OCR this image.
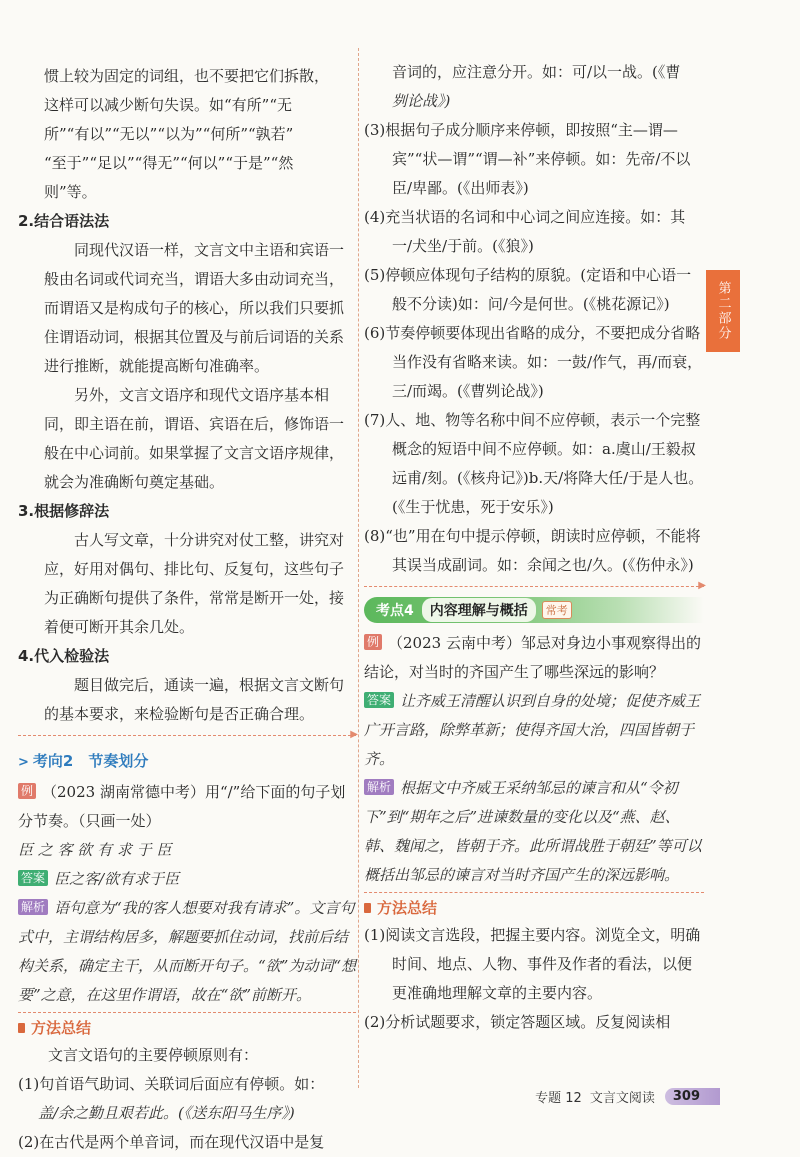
惯上较为固定的词组，也不要把它们拆散，

这样可以减少断句失误。如“有所”“无

所”“有以”“无以”“以为”“何所”“孰若”

“至于”“足以”“得无”“何以”“于是”“然

则”等。

2.结合语法法

同现代汉语一样，文言文中主语和宾语一般由名词或代词充当，谓语大多由动词充当，而谓语又是构成句子的核心，所以我们只要抓住谓语动词，根据其位置及与前后词语的关系进行推断，就能提高断句准确率。

另外，文言文语序和现代文语序基本相同，即主语在前，谓语、宾语在后，修饰语一般在中心词前。如果掌握了文言文语序规律，就会为准确断句奠定基础。

3.根据修辞法

古人写文章，十分讲究对仗工整，讲究对应，好用对偶句、排比句、反复句，这些句子为正确断句提供了条件，常常是断开一处，接着便可断开其余几处。

4.代入检验法

题目做完后，通读一遍，根据文言文断句的基本要求，来检验断句是否正确合理。

▶

> 考向2　节奏划分

例 （2023 湖南常德中考）用“/”给下面的句子划分节奏。（只画一处）

臣 之 客 欲 有 求 于 臣

答案 臣之客/欲有求于臣

解析 语句意为“我的客人想要对我有请求”。文言句式中，主谓结构居多，解题要抓住动词，找前后结构关系，确定主干，从而断开句子。“欲”为动词“想要”之意，在这里作谓语，故在“欲”前断开。

方法总结

文言文语句的主要停顿原则有：

(1)句首语气助词、关联词后面应有停顿。如：

盖/余之勤且艰若此。(《送东阳马生序》)

(2)在古代是两个单音词，而在现代汉语中是复

音词的，应注意分开。如：可/以一战。(《曹

刿论战》)

(3)根据句子成分顺序来停顿，即按照“主—谓—宾”“状—谓”“谓—补”来停顿。如：先帝/不以臣/卑鄙。(《出师表》)

(4)充当状语的名词和中心词之间应连接。如：其一/犬坐/于前。(《狼》)

(5)停顿应体现句子结构的原貌。(定语和中心语一般不分读)如：问/今是何世。(《桃花源记》)

(6)节奏停顿要体现出省略的成分，不要把成分省略当作没有省略来读。如：一鼓/作气，再/而衰，三/而竭。(《曹刿论战》)

(7)人、地、物等名称中间不应停顿，表示一个完整概念的短语中间不应停顿。如：a.虞山/王毅叔远甫/刻。(《核舟记》)b.天/将降大任/于是人也。(《生于忧患，死于安乐》)

(8)“也”用在句中提示停顿，朗读时应停顿，不能将其误当成副词。如：余闻之也/久。(《伤仲永》)

▶
考点4	内容理解与概括	常考

例 （2023 云南中考）邹忌对身边小事观察得出的结论，对当时的齐国产生了哪些深远的影响？

答案 让齐威王清醒认识到自身的处境；促使齐威王广开言路，除弊革新；使得齐国大治，四国皆朝于齐。

解析 根据文中齐威王采纳邹忌的谏言和从“令初下”到“期年之后”进谏数量的变化以及“燕、赵、韩、魏闻之，皆朝于齐。此所谓战胜于朝廷”等可以概括出邹忌的谏言对当时齐国产生的深远影响。

方法总结

(1)阅读文言选段，把握主要内容。浏览全文，明确时间、地点、人物、事件及作者的看法，以便更准确地理解文章的主要内容。

(2)分析试题要求，锁定答题区域。反复阅读相

第二部分
专题 12 文言文阅读	309
